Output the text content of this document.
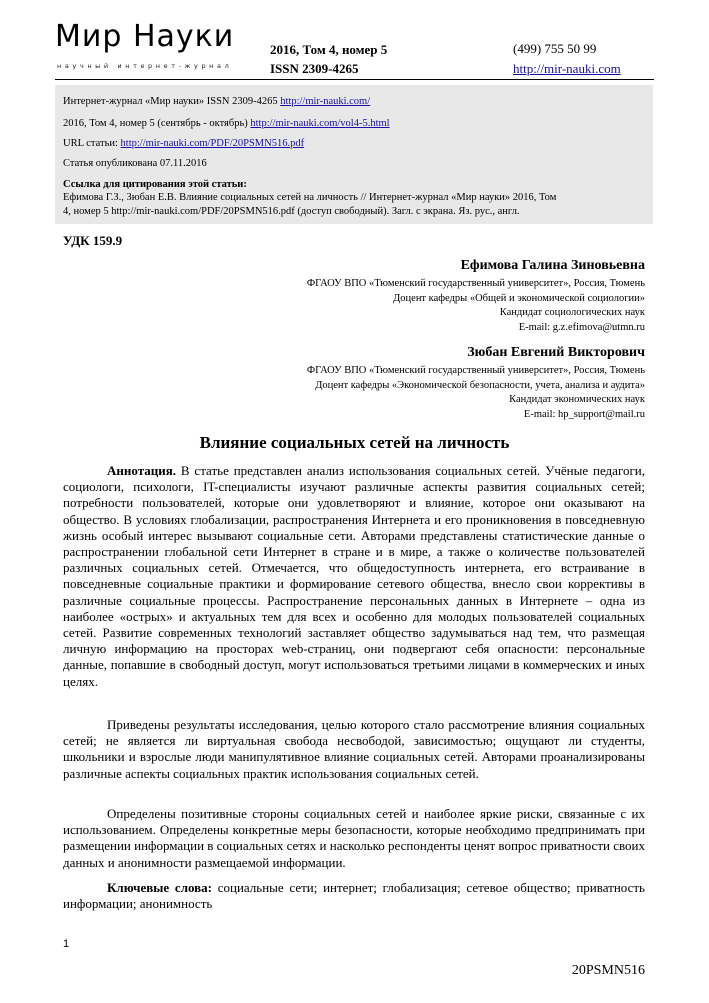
Мир Науки
научный интернет-журнал
2016, Том 4, номер 5
ISSN 2309-4265
(499) 755 50 99
http://mir-nauki.com
Интернет-журнал «Мир науки» ISSN 2309-4265 http://mir-nauki.com/
2016, Том 4, номер 5 (сентябрь - октябрь) http://mir-nauki.com/vol4-5.html
URL статьи: http://mir-nauki.com/PDF/20PSMN516.pdf
Статья опубликована 07.11.2016
Ссылка для цитирования этой статьи:
Ефимова Г.З., Зюбан Е.В. Влияние социальных сетей на личность // Интернет-журнал «Мир науки» 2016, Том
4, номер 5 http://mir-nauki.com/PDF/20PSMN516.pdf (доступ свободный). Загл. с экрана. Яз. рус., англ.
УДК 159.9
Ефимова Галина Зиновьевна
ФГАОУ ВПО «Тюменский государственный университет», Россия, Тюмень
Доцент кафедры «Общей и экономической социологии»
Кандидат социологических наук
E-mail: g.z.efimova@utmn.ru
Зюбан Евгений Викторович
ФГАОУ ВПО «Тюменский государственный университет», Россия, Тюмень
Доцент кафедры «Экономической безопасности, учета, анализа и аудита»
Кандидат экономических наук
E-mail: hp_support@mail.ru
Влияние социальных сетей на личность

Аннотация. В статье представлен анализ использования социальных сетей. Учёные педагоги, социологи, психологи, IT-специалисты изучают различные аспекты развития социальных сетей; потребности пользователей, которые они удовлетворяют и влияние, которое они оказывают на общество. В условиях глобализации, распространения Интернета и его проникновения в повседневную жизнь особый интерес вызывают социальные сети. Авторами представлены статистические данные о распространении глобальной сети Интернет в стране и в мире, а также о количестве пользователей различных социальных сетей. Отмечается, что общедоступность интернета, его встраивание в повседневные социальные практики и формирование сетевого общества, внесло свои коррективы в различные социальные процессы. Распространение персональных данных в Интернете – одна из наиболее «острых» и актуальных тем для всех и особенно для молодых пользователей социальных сетей. Развитие современных технологий заставляет общество задумываться над тем, что размещая личную информацию на просторах web-страниц, они подвергают себя опасности: персональные данные, попавшие в свободный доступ, могут использоваться третьими лицами в коммерческих и иных целях.

Приведены результаты исследования, целью которого стало рассмотрение влияния социальных сетей; не является ли виртуальная свобода несвободой, зависимостью; ощущают ли студенты, школьники и взрослые люди манипулятивное влияние социальных сетей. Авторами проанализированы различные аспекты социальных практик использования социальных сетей.

Определены позитивные стороны социальных сетей и наиболее яркие риски, связанные с их использованием. Определены конкретные меры безопасности, которые необходимо предпринимать при размещении информации в социальных сетях и насколько респонденты ценят вопрос приватности своих данных и анонимности размещаемой информации.

Ключевые слова: социальные сети; интернет; глобализация; сетевое общество; приватность информации; анонимность

1
20PSMN516
